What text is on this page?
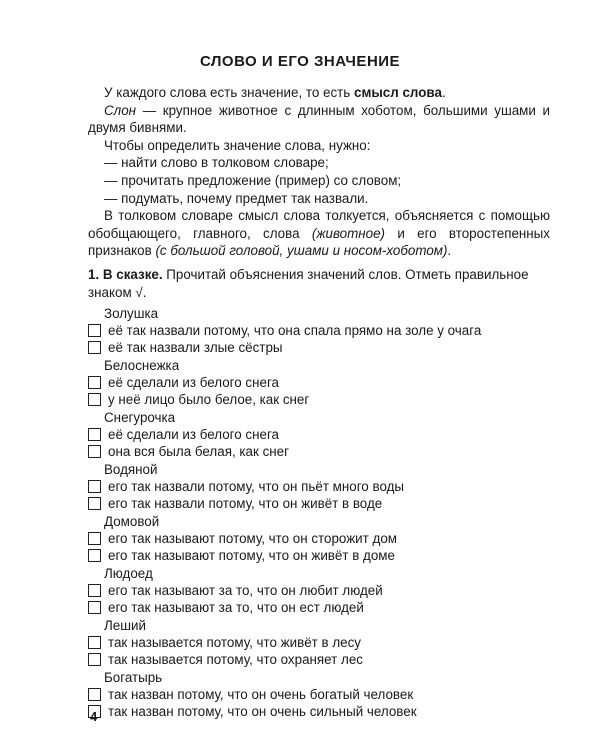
СЛОВО И ЕГО ЗНАЧЕНИЕ

У каждого слова есть значение, то есть смысл слова.

Слон — крупное животное с длинным хоботом, большими ушами и двумя бивнями.

Чтобы определить значение слова, нужно:

— найти слово в толковом словаре;

— прочитать предложение (пример) со словом;

— подумать, почему предмет так назвали.

В толковом словаре смысл слова толкуется, объясняется с помощью обобщающего, главного, слова (животное) и его второстепенных признаков (с большой головой, ушами и носом-хоботом).

1. В сказке. Прочитай объяснения значений слов. Отметь правильное знаком √.
Золушка
её так назвали потому, что она спала прямо на золе у очага
её так назвали злые сёстры
Белоснежка
её сделали из белого снега
у неё лицо было белое, как снег
Снегурочка
её сделали из белого снега
она вся была белая, как снег
Водяной
его так назвали потому, что он пьёт много воды
его так назвали потому, что он живёт в воде
Домовой
его так называют потому, что он сторожит дом
его так называют потому, что он живёт в доме
Людоед
его так называют за то, что он любит людей
его так называют за то, что он ест людей
Леший
так называется потому, что живёт в лесу
так называется потому, что охраняет лес
Богатырь
так назван потому, что он очень богатый человек
так назван потому, что он очень сильный человек
4
